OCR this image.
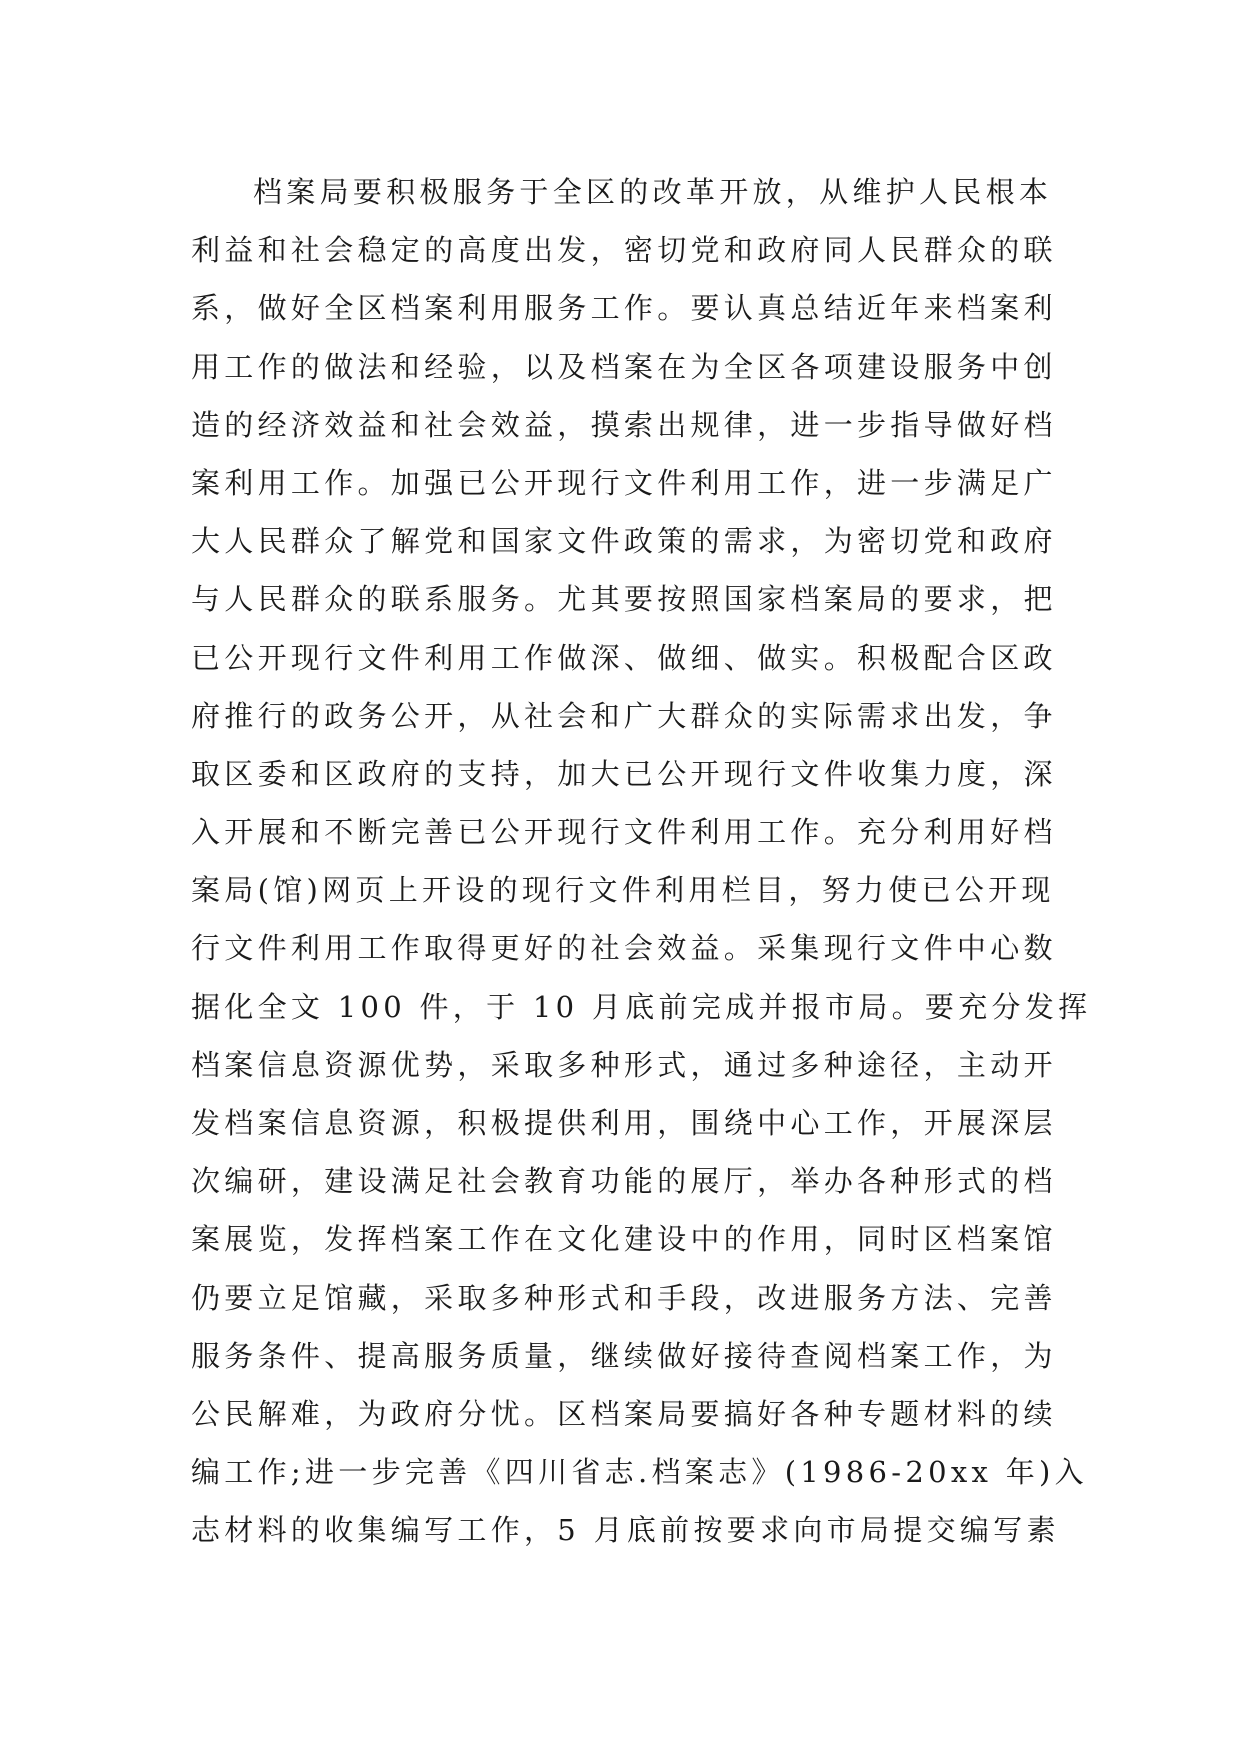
档案局要积极服务于全区的改革开放，从维护人民根本
利益和社会稳定的高度出发，密切党和政府同人民群众的联
系，做好全区档案利用服务工作。要认真总结近年来档案利
用工作的做法和经验，以及档案在为全区各项建设服务中创
造的经济效益和社会效益，摸索出规律，进一步指导做好档
案利用工作。加强已公开现行文件利用工作，进一步满足广
大人民群众了解党和国家文件政策的需求，为密切党和政府
与人民群众的联系服务。尤其要按照国家档案局的要求，把
已公开现行文件利用工作做深、做细、做实。积极配合区政
府推行的政务公开，从社会和广大群众的实际需求出发，争
取区委和区政府的支持，加大已公开现行文件收集力度，深
入开展和不断完善已公开现行文件利用工作。充分利用好档
案局(馆)网页上开设的现行文件利用栏目，努力使已公开现
行文件利用工作取得更好的社会效益。采集现行文件中心数
据化全文 100 件，于 10 月底前完成并报市局。要充分发挥
档案信息资源优势，采取多种形式，通过多种途径，主动开
发档案信息资源，积极提供利用，围绕中心工作，开展深层
次编研，建设满足社会教育功能的展厅，举办各种形式的档
案展览，发挥档案工作在文化建设中的作用，同时区档案馆
仍要立足馆藏，采取多种形式和手段，改进服务方法、完善
服务条件、提高服务质量，继续做好接待查阅档案工作，为
公民解难，为政府分忧。区档案局要搞好各种专题材料的续
编工作;进一步完善《四川省志.档案志》(1986-20xx 年)入
志材料的收集编写工作，5 月底前按要求向市局提交编写素
